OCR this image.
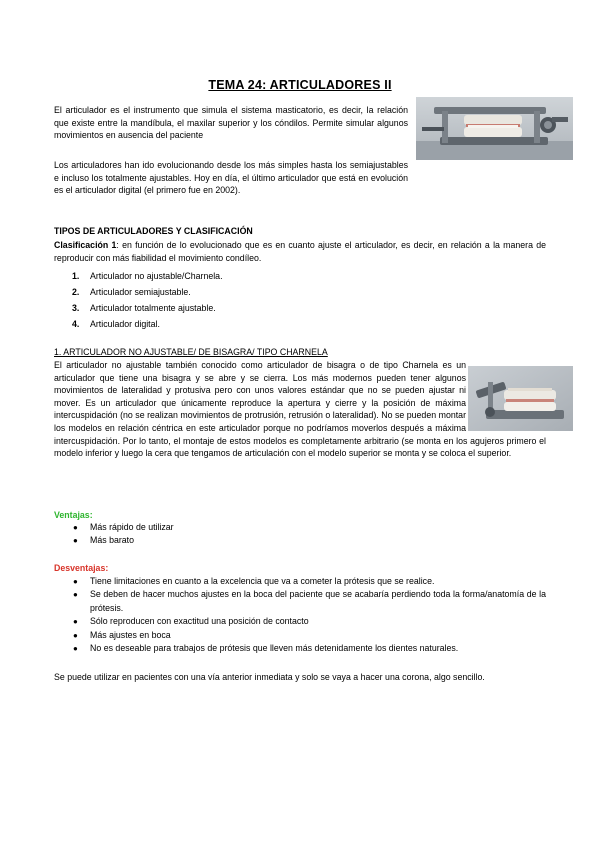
TEMA 24: ARTICULADORES II
El articulador es el instrumento que simula el sistema masticatorio, es decir, la relación que existe entre la mandíbula, el maxilar superior y los cóndilos. Permite simular algunos movimientos en ausencia del paciente
Los articuladores han ido evolucionando desde los más simples hasta los semiajustables e incluso los totalmente ajustables. Hoy en día, el último articulador que está en evolución es el articulador digital (el primero fue en 2002).
TIPOS DE ARTICULADORES Y CLASIFICACIÓN
Clasificación 1: en función de lo evolucionado que es en cuanto ajuste el articulador, es decir, en relación a la manera de reproducir con más fiabilidad el movimiento condíleo.
1. Articulador no ajustable/Charnela.
2. Articulador semiajustable.
3. Articulador totalmente ajustable.
4. Articulador digital.
1. ARTICULADOR NO AJUSTABLE/ DE BISAGRA/ TIPO CHARNELA
El articulador no ajustable también conocido como articulador de bisagra o de tipo Charnela es un articulador que tiene una bisagra y se abre y se cierra. Los más modernos pueden tener algunos movimientos de lateralidad y protusiva pero con unos valores estándar que no se pueden ajustar ni mover. Es un articulador que únicamente reproduce la apertura y cierre y la posición de máxima intercuspidación (no se realizan movimientos de protrusión, retrusión o lateralidad). No se pueden montar los modelos en relación céntrica en este articulador porque no podríamos moverlos después a máxima intercuspidación. Por lo tanto, el montaje de estos modelos es completamente arbitrario (se monta en los agujeros primero el modelo inferior y luego la cera que tengamos de articulación con el modelo superior se monta y se coloca el superior.
Ventajas:
● Más rápido de utilizar
● Más barato
Desventajas:
● Tiene limitaciones en cuanto a la excelencia que va a cometer la prótesis que se realice.
● Se deben de hacer muchos ajustes en la boca del paciente que se acabaría perdiendo toda la forma/anatomía de la prótesis.
● Sólo reproducen con exactitud una posición de contacto
● Más ajustes en boca
● No es deseable para trabajos de prótesis que lleven más detenidamente los dientes naturales.
Se puede utilizar en pacientes con una vía anterior inmediata y solo se vaya a hacer una corona, algo sencillo.
